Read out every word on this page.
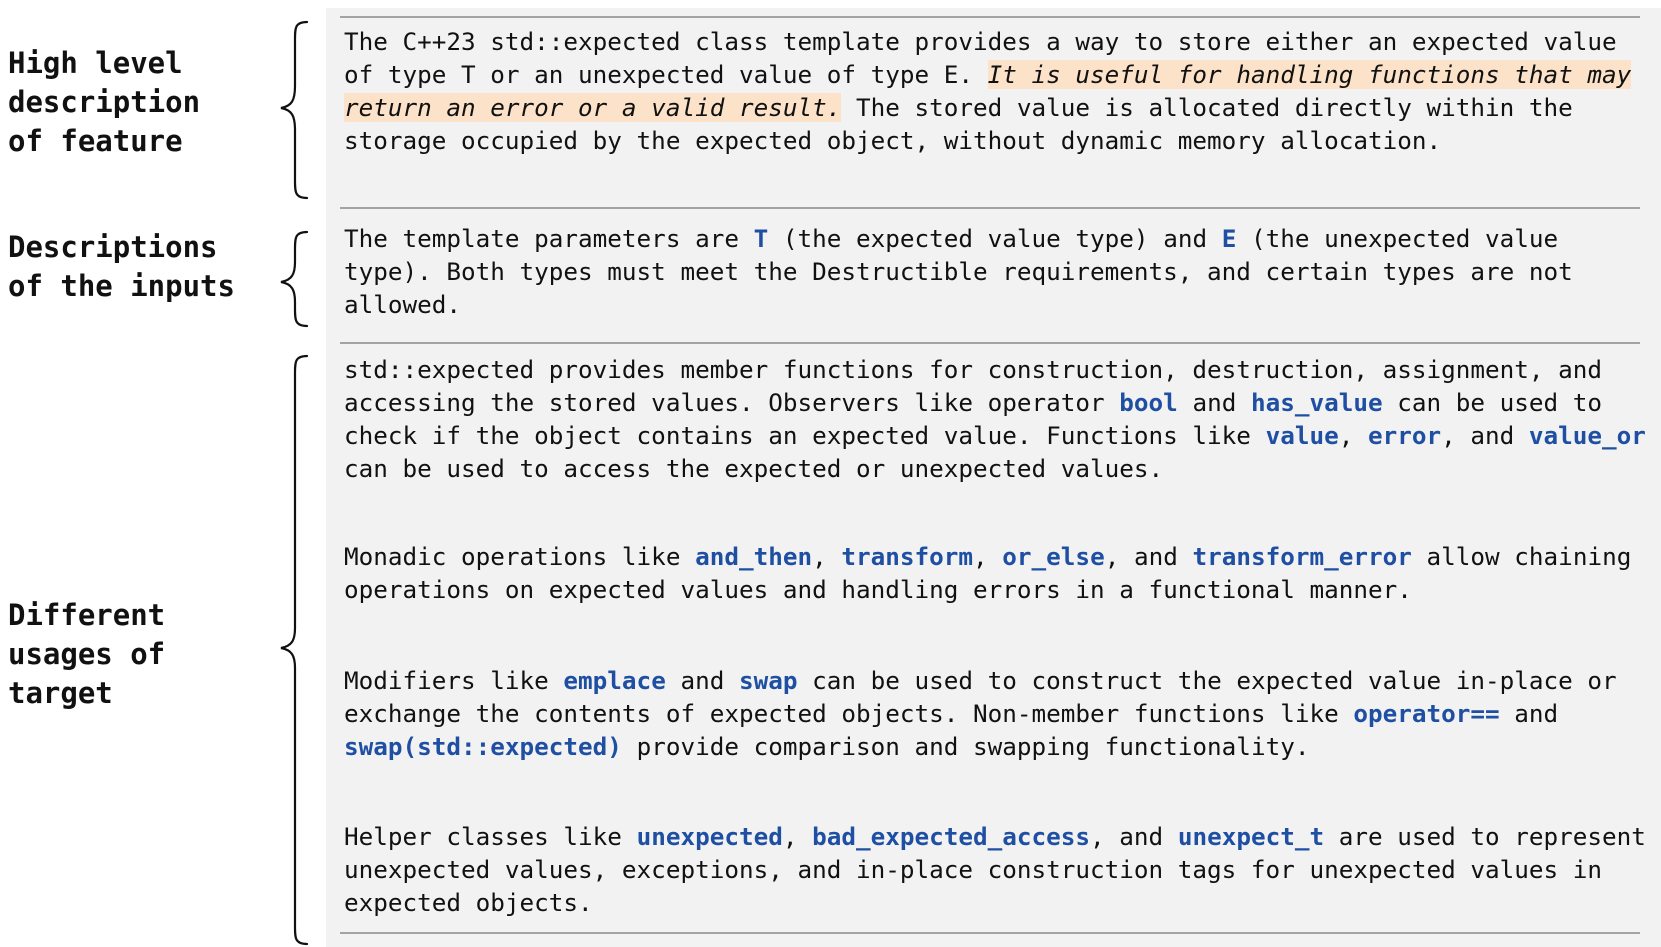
High level
description
of feature
Descriptions
of the inputs
Different
usages of
target

The C++23 std::expected class template provides a way to store either an expected value of type T or an unexpected value of type E. It is useful for handling functions that may return an error or a valid result. The stored value is allocated directly within the storage occupied by the expected object, without dynamic memory allocation.

The template parameters are T (the expected value type) and E (the unexpected value type). Both types must meet the Destructible requirements, and certain types are not allowed.

std::expected provides member functions for construction, destruction, assignment, and accessing the stored values. Observers like operator bool and has_value can be used to check if the object contains an expected value. Functions like value, error, and value_or can be used to access the expected or unexpected values.

Monadic operations like and_then, transform, or_else, and transform_error allow chaining operations on expected values and handling errors in a functional manner.

Modifiers like emplace and swap can be used to construct the expected value in-place or exchange the contents of expected objects. Non-member functions like operator== and swap(std::expected) provide comparison and swapping functionality.

Helper classes like unexpected, bad_expected_access, and unexpect_t are used to represent unexpected values, exceptions, and in-place construction tags for unexpected values in expected objects.
